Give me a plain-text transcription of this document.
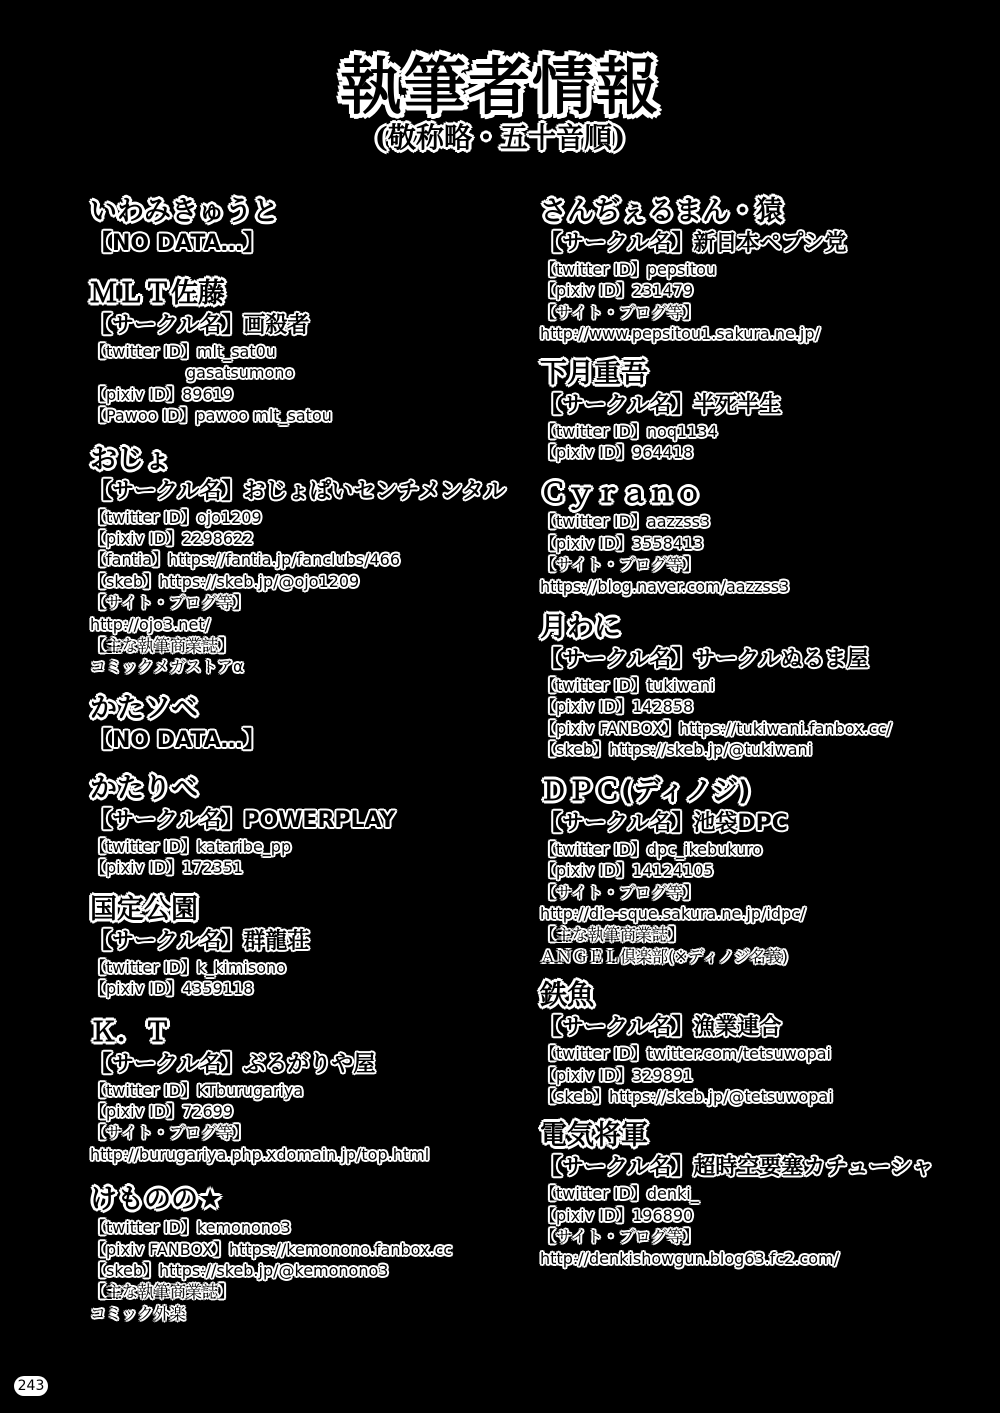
執筆者情報
(敬称略・五十音順)
いわみきゅうと
【NO DATA…】
ＭＬＴ佐藤
【サークル名】画殺者
【twitter ID】mlt_sat0u
gasatsumono
【pixiv ID】89619
【Pawoo ID】pawoo mlt_satou
おじょ
【サークル名】おじょぱいセンチメンタル
【twitter ID】ojo1209
【pixiv ID】2298622
【fantia】https://fantia.jp/fanclubs/466
【skeb】https://skeb.jp/@ojo1209
【サイト・ブログ等】
http://ojo3.net/
【主な執筆商業誌】
コミックメガストアα
かたソベ
【NO DATA…】
かたりべ
【サークル名】POWERPLAY
【twitter ID】kataribe_pp
【pixiv ID】172351
国定公園
【サークル名】群龍荘
【twitter ID】k_kimisono
【pixiv ID】4359118
Ｋ．Ｔ
【サークル名】ぶるがりや屋
【twitter ID】KTburugariya
【pixiv ID】72699
【サイト・ブログ等】
http://burugariya.php.xdomain.jp/top.html
けものの★
【twitter ID】kemonono3
【pixiv FANBOX】https://kemonono.fanbox.cc
【skeb】https://skeb.jp/@kemonono3
【主な執筆商業誌】
コミック外楽
さんぢぇるまん・猿
【サークル名】新日本ペプシ党
【twitter ID】pepsitou
【pixiv ID】231479
【サイト・ブログ等】
http://www.pepsitou1.sakura.ne.jp/
下月重吾
【サークル名】半死半生
【twitter ID】noq1134
【pixiv ID】964418
Ｃｙｒａｎｏ
【twitter ID】aazzss3
【pixiv ID】3558413
【サイト・ブログ等】
https://blog.naver.com/aazzss3
月わに
【サークル名】サークルぬるま屋
【twitter ID】tukiwani
【pixiv ID】142858
【pixiv FANBOX】https://tukiwani.fanbox.cc/
【skeb】https://skeb.jp/@tukiwani
ＤＰＣ(ディノジ)
【サークル名】池袋DPC
【twitter ID】dpc_ikebukuro
【pixiv ID】14124105
【サイト・ブログ等】
http://die-sque.sakura.ne.jp/idpc/
【主な執筆商業誌】
ＡＮＧＥＬ倶楽部(※ディノジ名義)
鉄魚
【サークル名】漁業連合
【twitter ID】twitter.com/tetsuwopai
【pixiv ID】329891
【skeb】https://skeb.jp/@tetsuwopai
電気将軍
【サークル名】超時空要塞カチューシャ
【twitter ID】denki_
【pixiv ID】196890
【サイト・ブログ等】
http://denkishowgun.blog63.fc2.com/
243
